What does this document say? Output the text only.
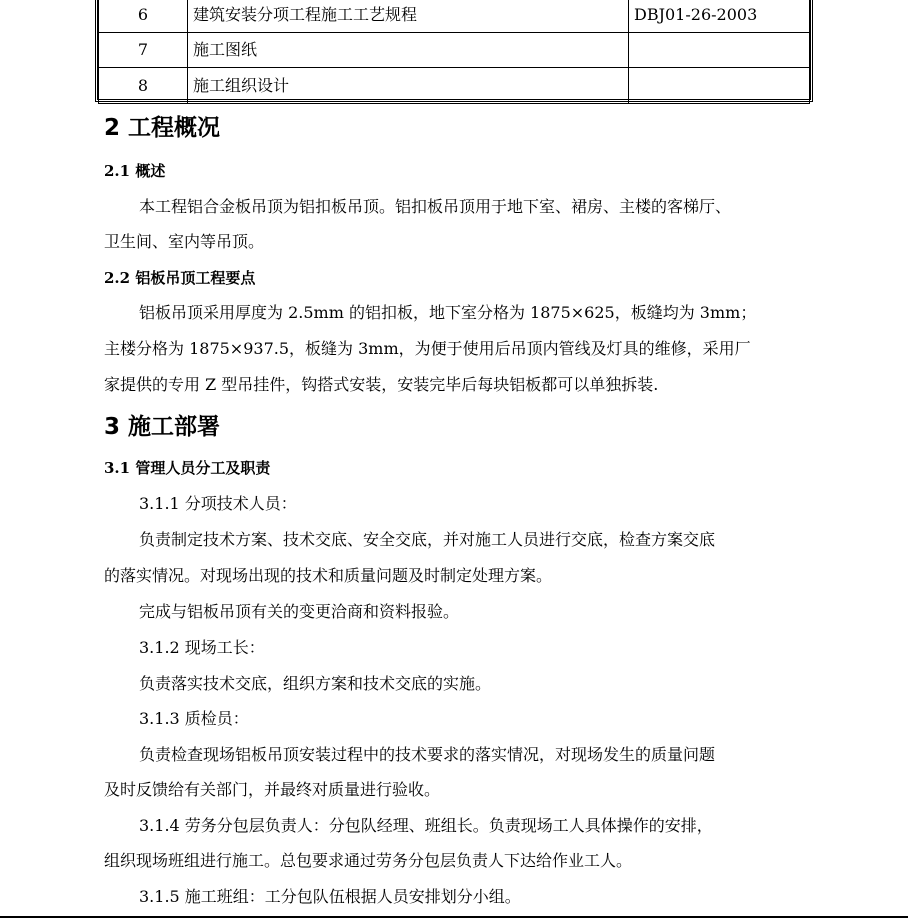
6	建筑安装分项工程施工工艺规程	DBJ01-26-2003
7	施工图纸	
8	施工组织设计	
2 工程概况
2.1 概述

本工程铝合金板吊顶为铝扣板吊顶。铝扣板吊顶用于地下室、裙房、主楼的客梯厅、

卫生间、室内等吊顶。

2.2 铝板吊顶工程要点

铝板吊顶采用厚度为 2.5mm 的铝扣板，地下室分格为 1875×625，板缝均为 3mm；

主楼分格为 1875×937.5，板缝为 3mm，为便于使用后吊顶内管线及灯具的维修，采用厂

家提供的专用 Z 型吊挂件，钩搭式安装，安装完毕后每块铝板都可以单独拆装.

3 施工部署
3.1 管理人员分工及职责

3.1.1 分项技术人员：

负责制定技术方案、技术交底、安全交底，并对施工人员进行交底，检查方案交底

的落实情况。对现场出现的技术和质量问题及时制定处理方案。

完成与铝板吊顶有关的变更洽商和资料报验。

3.1.2 现场工长：

负责落实技术交底，组织方案和技术交底的实施。

3.1.3 质检员：

负责检查现场铝板吊顶安装过程中的技术要求的落实情况，对现场发生的质量问题

及时反馈给有关部门，并最终对质量进行验收。

3.1.4 劳务分包层负责人：分包队经理、班组长。负责现场工人具体操作的安排，

组织现场班组进行施工。总包要求通过劳务分包层负责人下达给作业工人。

3.1.5 施工班组：工分包队伍根据人员安排划分小组。
